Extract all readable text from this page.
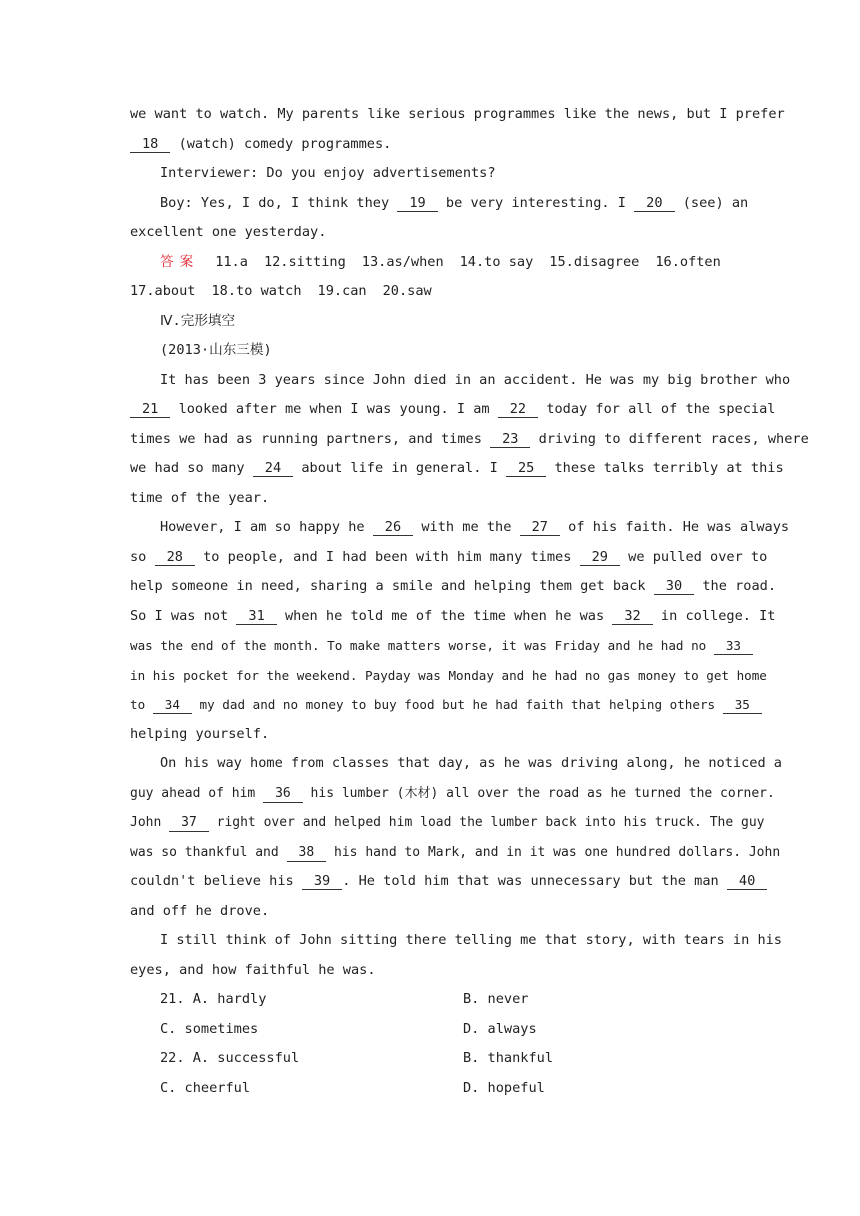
we want to watch. My parents like serious programmes like the news, but I prefer
18 (watch) comedy programmes.
Interviewer: Do you enjoy advertisements?
Boy: Yes, I do, I think they 19 be very interesting. I 20 (see) an
excellent one yesterday.
答案 11.a 12.sitting 13.as/when 14.to say 15.disagree 16.often
17.about 18.to watch 19.can 20.saw
Ⅳ.完形填空
(2013·山东三模)
It has been 3 years since John died in an accident. He was my big brother who
21 looked after me when I was young. I am 22 today for all of the special
times we had as running partners, and times 23 driving to different races, where
we had so many 24 about life in general. I 25 these talks terribly at this
time of the year.
However, I am so happy he 26 with me the 27 of his faith. He was always
so 28 to people, and I had been with him many times 29 we pulled over to
help someone in need, sharing a smile and helping them get back 30 the road.
So I was not 31 when he told me of the time when he was 32 in college. It
was the end of the month. To make matters worse, it was Friday and he had no 33
in his pocket for the weekend. Payday was Monday and he had no gas money to get home
to 34 my dad and no money to buy food but he had faith that helping others 35
helping yourself.
On his way home from classes that day, as he was driving along, he noticed a
guy ahead of him 36 his lumber (木材) all over the road as he turned the corner.
John 37 right over and helped him load the lumber back into his truck. The guy
was so thankful and 38 his hand to Mark, and in it was one hundred dollars. John
couldn't believe his 39 . He told him that was unnecessary but the man 40
and off he drove.
I still think of John sitting there telling me that story, with tears in his
eyes, and how faithful he was.
21. A. hardly	B. never
C. sometimes	D. always
22. A. successful	B. thankful
C. cheerful	D. hopeful
